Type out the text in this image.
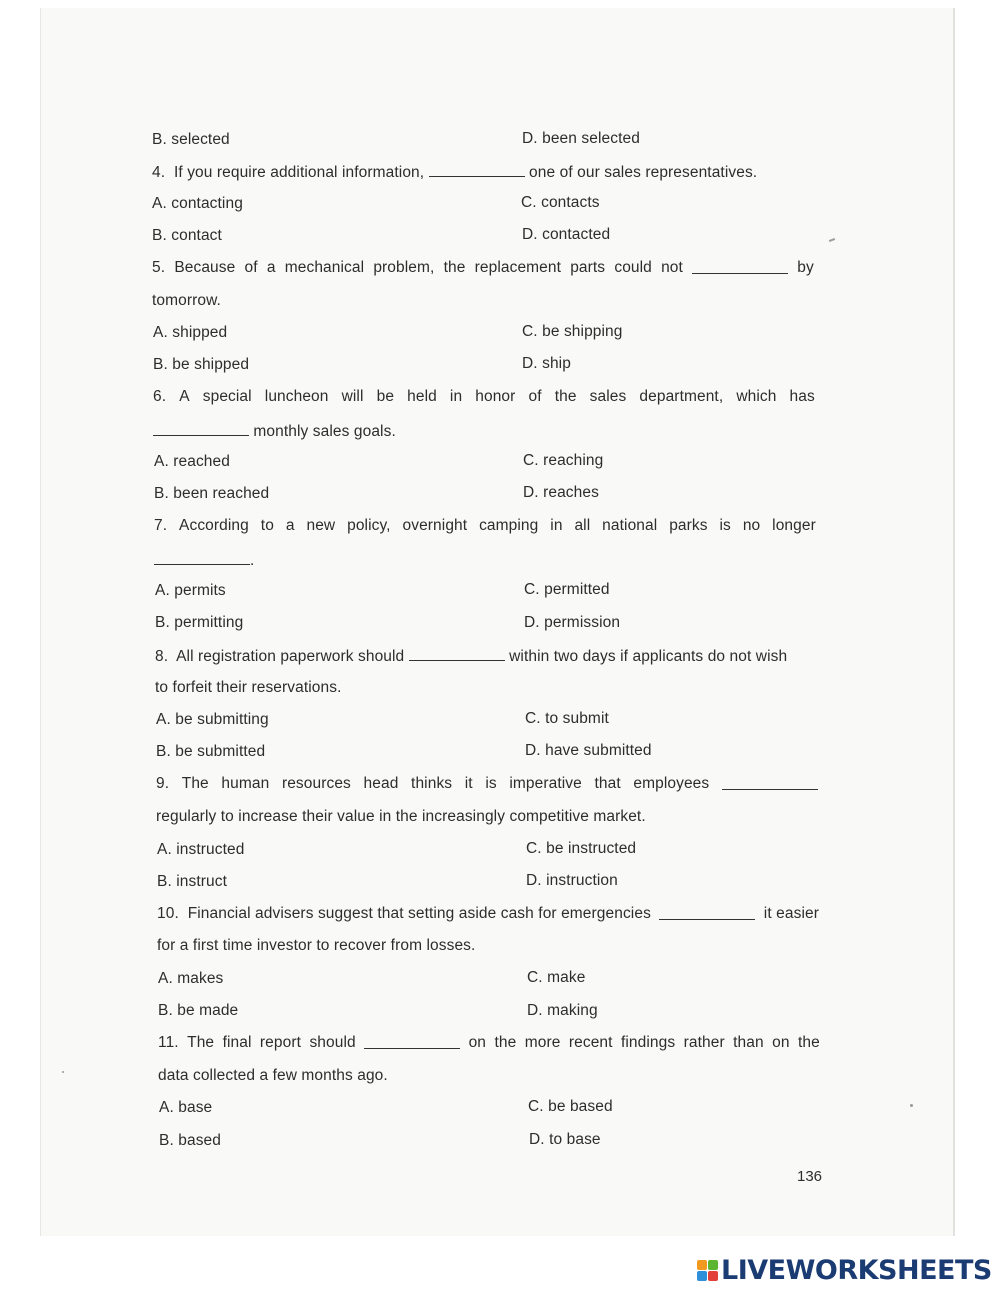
B. selected	D. been selected
4. If you require additional information,	one of our sales representatives.
A. contacting	C. contacts
B. contact	D. contacted
5. Because of a mechanical problem, the replacement parts could not	by
tomorrow.
A. shipped	C. be shipping
B. be shipped	D. ship
6. A special luncheon will be held in honor of the sales department, which has
monthly sales goals.
A. reached	C. reaching
B. been reached	D. reaches
7. According to a new policy, overnight camping in all national parks is no longer
.
A. permits	C. permitted
B. permitting	D. permission
8. All registration paperwork should	within two days if applicants do not wish
to forfeit their reservations.
A. be submitting	C. to submit
B. be submitted	D. have submitted
9. The human resources head thinks it is imperative that employees
regularly to increase their value in the increasingly competitive market.
A. instructed	C. be instructed
B. instruct	D. instruction
10. Financial advisers suggest that setting aside cash for emergencies	it easier
for a first time investor to recover from losses.
A. makes	C. make
B. be made	D. making
11. The final report should	on the more recent findings rather than on the
data collected a few months ago.
A. base	C. be based
B. based	D. to base
136
LIVEWORKSHEETS
